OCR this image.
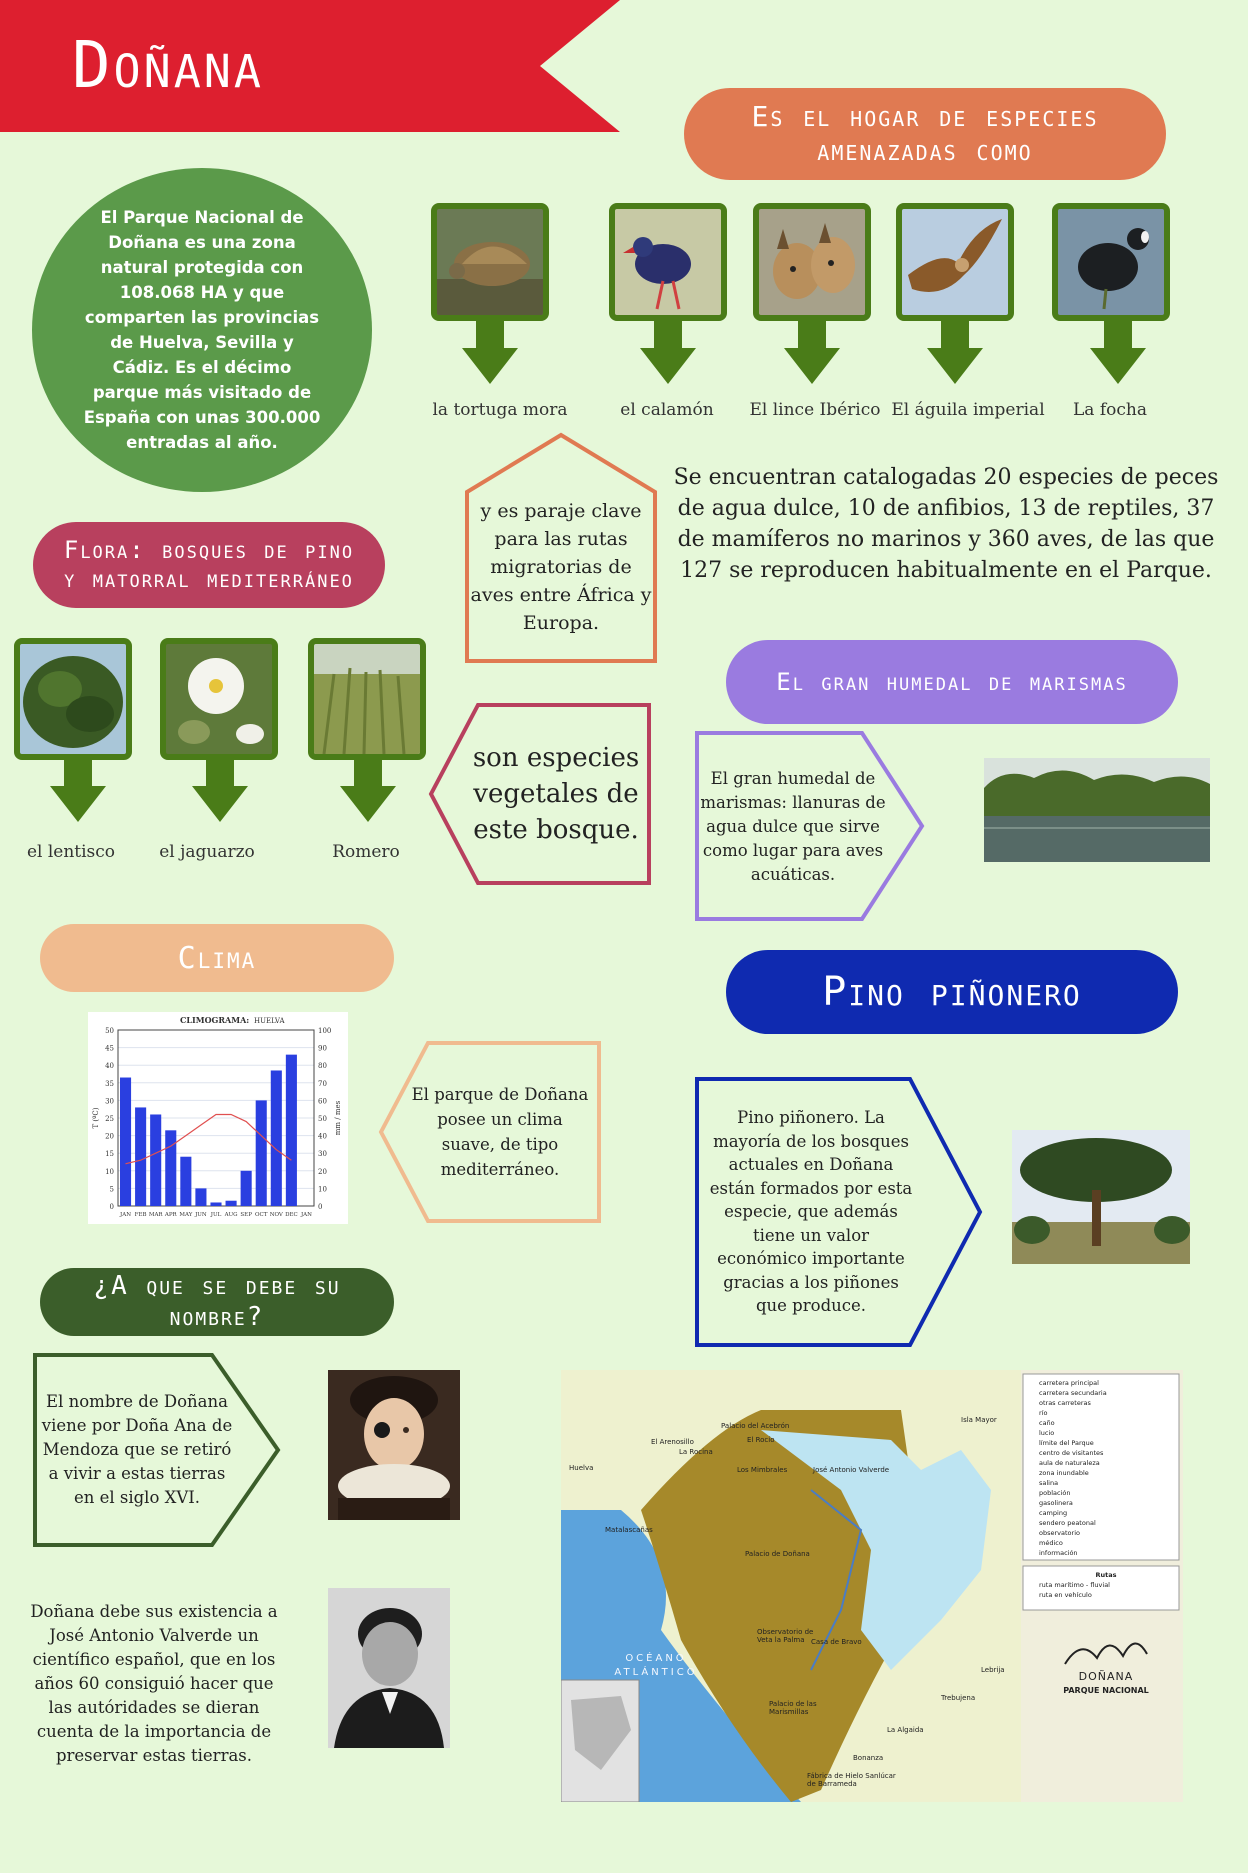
Doñana
El Parque Nacional de Doñana es una zona natural protegida con 108.068 HA y que comparten las provincias de Huelva, Sevilla y Cádiz. Es el décimo parque más visitado de España con unas 300.000 entradas al año.
Es el hogar de especies amenazadas como
la tortuga mora	el calamón	El lince Ibérico El águila imperial	La focha
y es paraje clave para las rutas migratorias de aves entre África y Europa.
Se encuentran catalogadas 20 especies de peces de agua dulce, 10 de anfibios, 13 de reptiles, 37 de mamíferos no marinos y 360 aves, de las que 127 se reproducen habitualmente en el Parque.
Flora: bosques de pino y matorral mediterráneo
el lentisco	el jaguarzo	Romero
son especies vegetales de este bosque.
El gran humedal de marismas
El gran humedal de marismas: llanuras de agua dulce que sirve como lugar para aves acuáticas.
Clima
0
5
10
15
20
25
30
35
40
45
50
0
10
20
30
40
50
60
70
80
90
100
JAN FEB MAR APR MAY JUN JUL AUG SEP OCT NOV DEC JAN
CLIMOGRAMA: HUELVA
T (ºC)	mm / mes
El parque de Doñana posee un clima suave, de tipo mediterráneo.
Pino piñonero
Pino piñonero. La mayoría de los bosques actuales en Doñana están formados por esta especie, que además tiene un valor económico importante gracias a los piñones que produce.
¿A que se debe su nombre?
El nombre de Doñana viene por Doña Ana de Mendoza que se retiró a vivir a estas tierras en el siglo XVI.
Doñana debe sus existencia a José Antonio Valverde un científico español, que en los años 60 consiguió hacer que las autóridades se dieran cuenta de la importancia de preservar estas tierras.
OCÉANO ATLÁNTICO
Palacio del Acebrón
El Rocío
La Rocina
Los Mimbrales	José Antonio Valverde
Palacio de Doñana
Casa de Bravo
Observatorio de Veta la Palma
Matalascañas
Huelva
El Arenosillo
Isla Mayor
La Algaida
Lebrija
Trebujena
Bonanza
Fábrica de Hielo Sanlúcar de Barrameda
Palacio de las Marismillas
carretera principal
carretera secundaria
otras carreteras
río
caño
lucio
límite del Parque
centro de visitantes
aula de naturaleza
zona inundable
salina
población
gasolinera
camping
sendero peatonal
observatorio
médico
información
Rutas
ruta marítimo - fluvial
ruta en vehículo
DOÑANA
PARQUE NACIONAL
